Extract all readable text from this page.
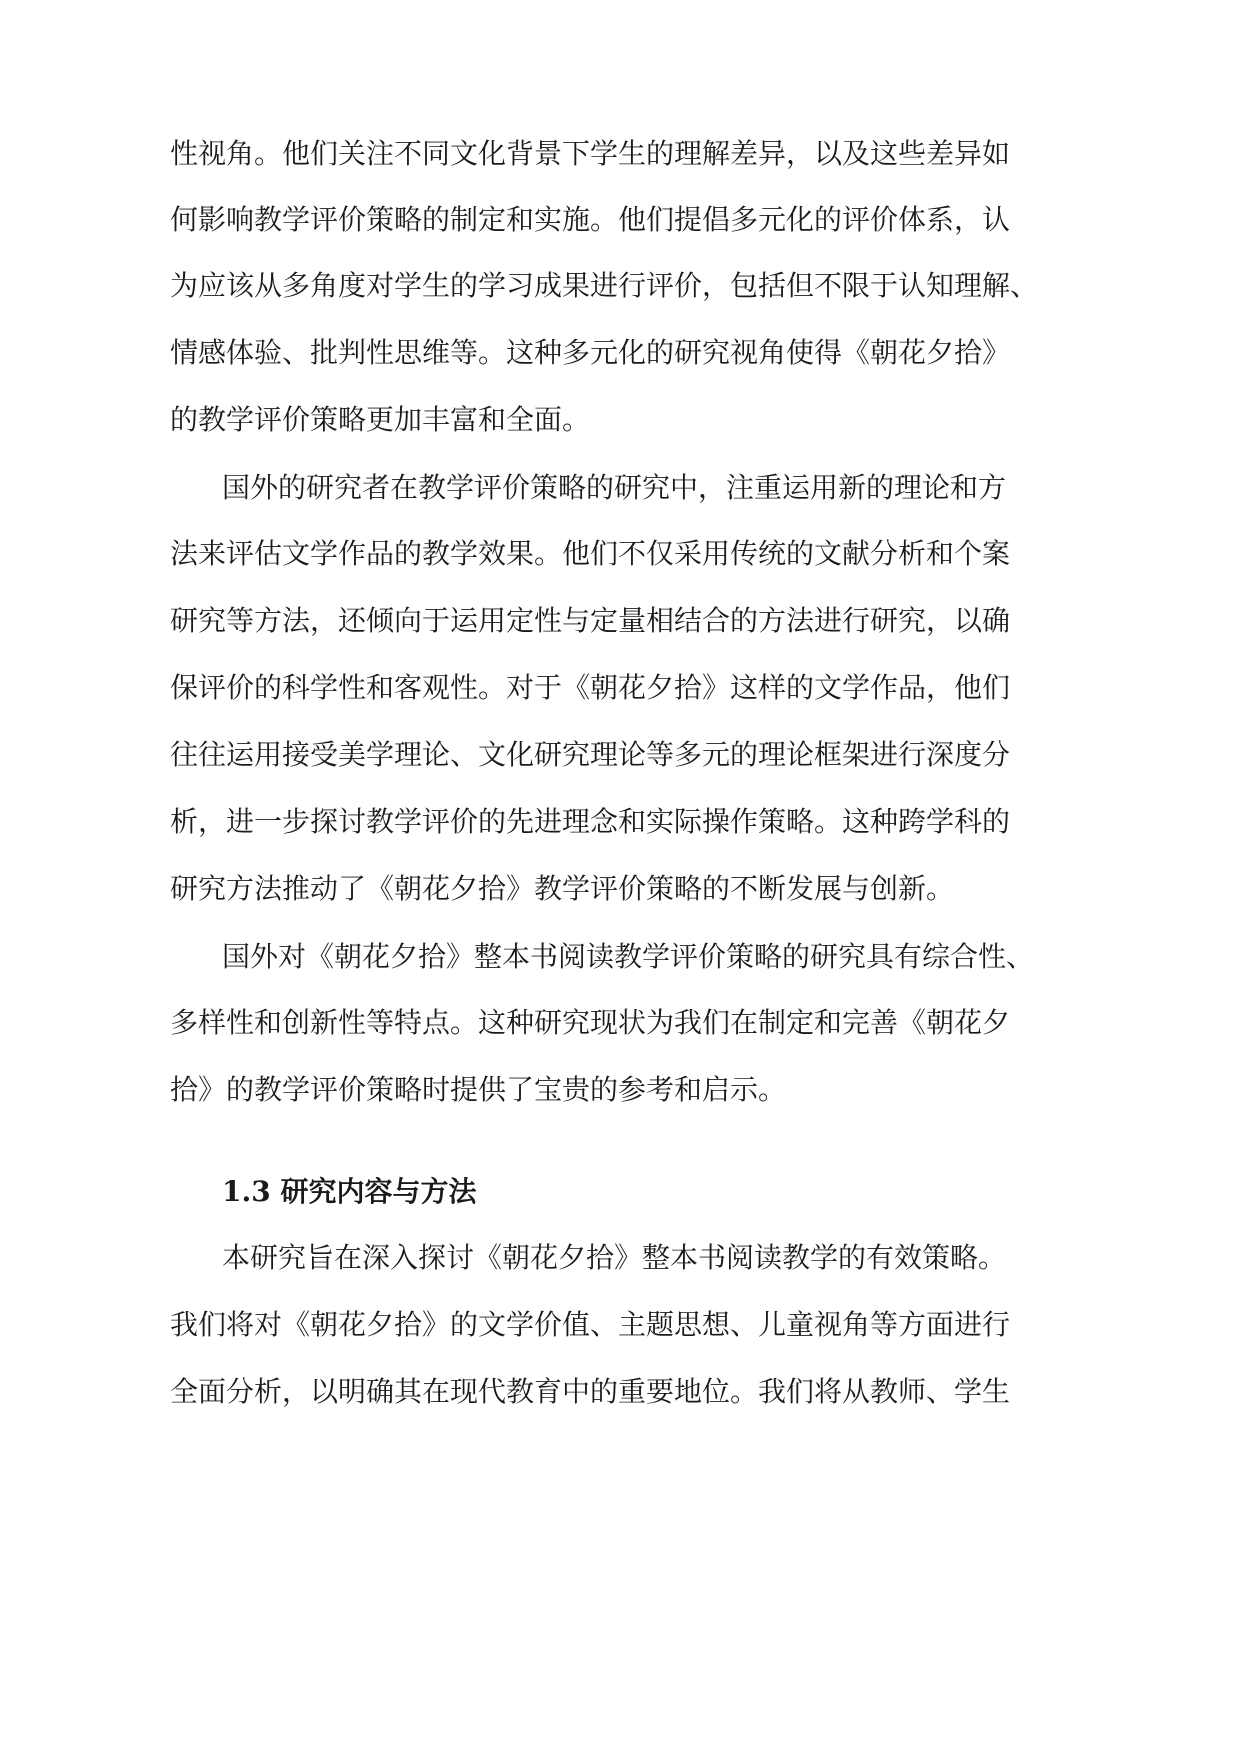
性视角。他们关注不同文化背景下学生的理解差异，以及这些差异如
何影响教学评价策略的制定和实施。他们提倡多元化的评价体系，认
为应该从多角度对学生的学习成果进行评价，包括但不限于认知理解、
情感体验、批判性思维等。这种多元化的研究视角使得《朝花夕拾》
的教学评价策略更加丰富和全面。
国外的研究者在教学评价策略的研究中，注重运用新的理论和方
法来评估文学作品的教学效果。他们不仅采用传统的文献分析和个案
研究等方法，还倾向于运用定性与定量相结合的方法进行研究，以确
保评价的科学性和客观性。对于《朝花夕拾》这样的文学作品，他们
往往运用接受美学理论、文化研究理论等多元的理论框架进行深度分
析，进一步探讨教学评价的先进理念和实际操作策略。这种跨学科的
研究方法推动了《朝花夕拾》教学评价策略的不断发展与创新。
国外对《朝花夕拾》整本书阅读教学评价策略的研究具有综合性、
多样性和创新性等特点。这种研究现状为我们在制定和完善《朝花夕
拾》的教学评价策略时提供了宝贵的参考和启示。
1.3 研究内容与方法
本研究旨在深入探讨《朝花夕拾》整本书阅读教学的有效策略。
我们将对《朝花夕拾》的文学价值、主题思想、儿童视角等方面进行
全面分析，以明确其在现代教育中的重要地位。我们将从教师、学生
